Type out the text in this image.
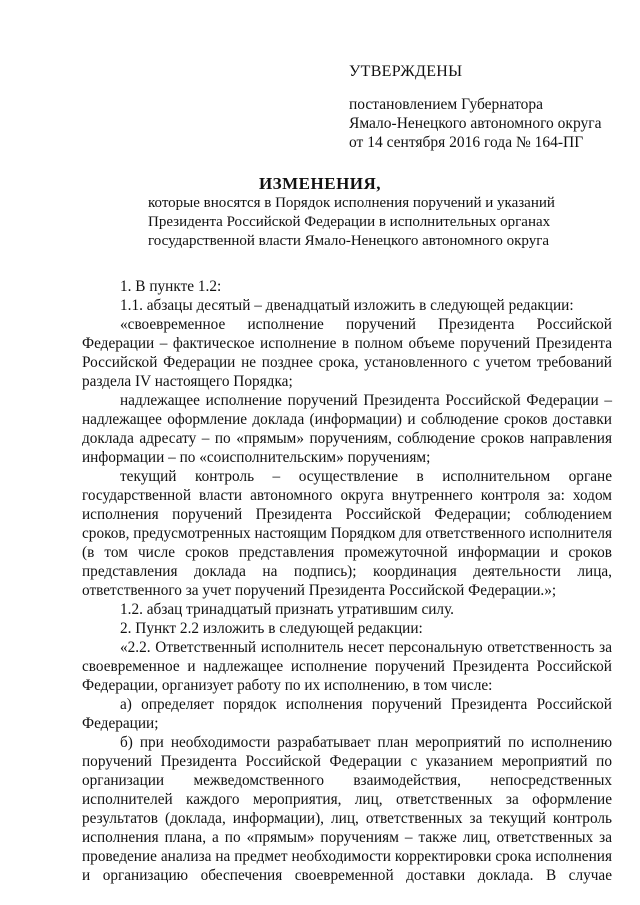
УТВЕРЖДЕНЫ
постановлением Губернатора
Ямало-Ненецкого автономного округа
от 14 сентября 2016 года № 164-ПГ
ИЗМЕНЕНИЯ,
которые вносятся в Порядок исполнения поручений и указаний
Президента Российской Федерации в исполнительных органах
государственной власти Ямало-Ненецкого автономного округа

1. В пункте 1.2:

1.1. абзацы десятый – двенадцатый изложить в следующей редакции:

«своевременное исполнение поручений Президента Российской Федерации – фактическое исполнение в полном объеме поручений Президента Российской Федерации не позднее срока, установленного с учетом требований раздела IV настоящего Порядка;

надлежащее исполнение поручений Президента Российской Федерации – надлежащее оформление доклада (информации) и соблюдение сроков доставки доклада адресату – по «прямым» поручениям, соблюдение сроков направления информации – по «соисполнительским» поручениям;

текущий контроль – осуществление в исполнительном органе государственной власти автономного округа внутреннего контроля за: ходом исполнения поручений Президента Российской Федерации; соблюдением сроков, предусмотренных настоящим Порядком для ответственного исполнителя (в том числе сроков представления промежуточной информации и сроков представления доклада на подпись); координация деятельности лица, ответственного за учет поручений Президента Российской Федерации.»;

1.2. абзац тринадцатый признать утратившим силу.

2. Пункт 2.2 изложить в следующей редакции:

«2.2. Ответственный исполнитель несет персональную ответственность за своевременное и надлежащее исполнение поручений Президента Российской Федерации, организует работу по их исполнению, в том числе:

а) определяет порядок исполнения поручений Президента Российской Федерации;

б) при необходимости разрабатывает план мероприятий по исполнению поручений Президента Российской Федерации с указанием мероприятий по организации межведомственного взаимодействия, непосредственных исполнителей каждого мероприятия, лиц, ответственных за оформление результатов (доклада, информации), лиц, ответственных за текущий контроль исполнения плана, а по «прямым» поручениям – также лиц, ответственных за проведение анализа на предмет необходимости корректировки срока исполнения и организацию обеспечения своевременной доставки доклада. В случае
